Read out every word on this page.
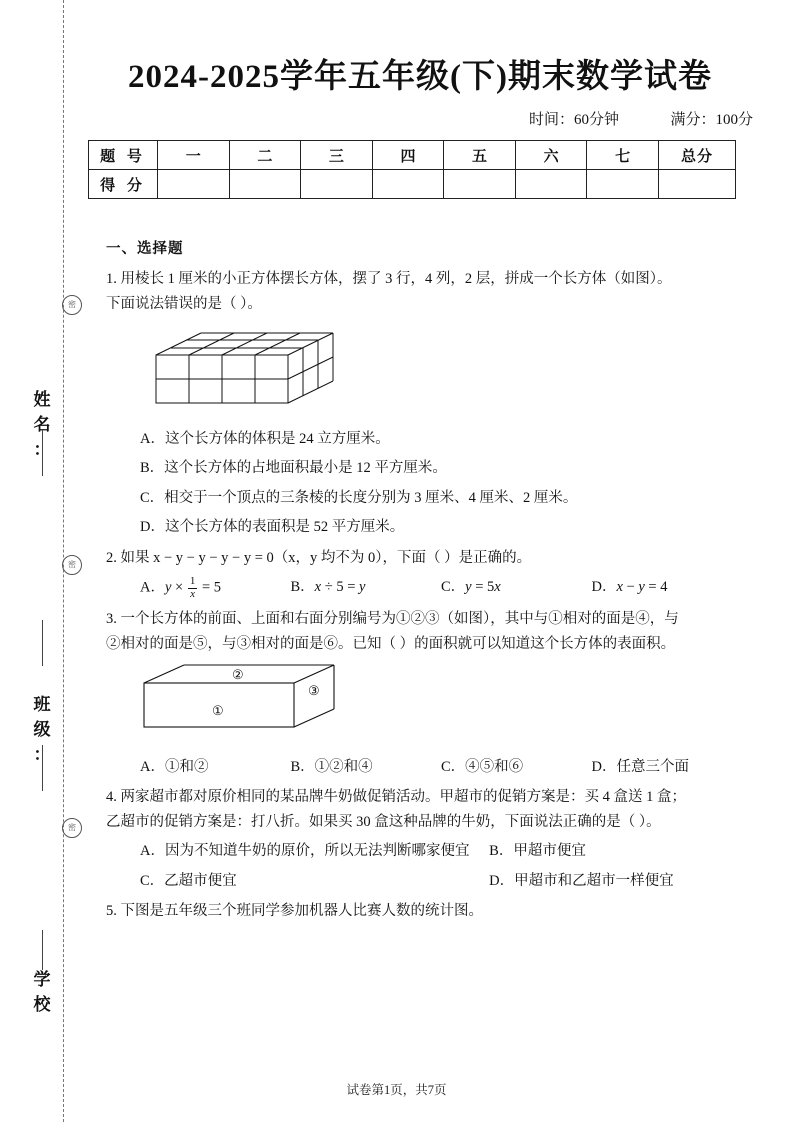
姓
名
：
班
级
：
学
校
密
密
密
2024-2025学年五年级(下)期末数学试卷
时间：60分钟	满分：100分
题 号	一	二	三	四	五	六	七	总分
得 分								
一、选择题
1. 用棱长 1 厘米的小正方体摆长方体，摆了 3 行，4 列，2 层，拼成一个长方体（如图）。
下面说法错误的是（ ）。
A．这个长方体的体积是 24 立方厘米。
B．这个长方体的占地面积最小是 12 平方厘米。
C．相交于一个顶点的三条棱的长度分别为 3 厘米、4 厘米、2 厘米。
D．这个长方体的表面积是 52 平方厘米。
2. 如果 x − y − y − y − y = 0（x，y 均不为 0），下面（ ）是正确的。
A．$y \times \frac{1}{x} = 5$	B．x ÷ 5 = y	C．y = 5x	D．x − y = 4
3. 一个长方体的前面、上面和右面分别编号为①②③（如图），其中与①相对的面是④，与
②相对的面是⑤，与③相对的面是⑥。已知（ ）的面积就可以知道这个长方体的表面积。
②
③
①
A．①和②	B．①②和④	C．④⑤和⑥	D．任意三个面
4. 两家超市都对原价相同的某品牌牛奶做促销活动。甲超市的促销方案是：买 4 盒送 1 盒；
乙超市的促销方案是：打八折。如果买 30 盒这种品牌的牛奶，下面说法正确的是（ ）。
A．因为不知道牛奶的原价，所以无法判断哪家便宜	B．甲超市便宜
C．乙超市便宜	D．甲超市和乙超市一样便宜
5. 下图是五年级三个班同学参加机器人比赛人数的统计图。
试卷第1页，共7页
